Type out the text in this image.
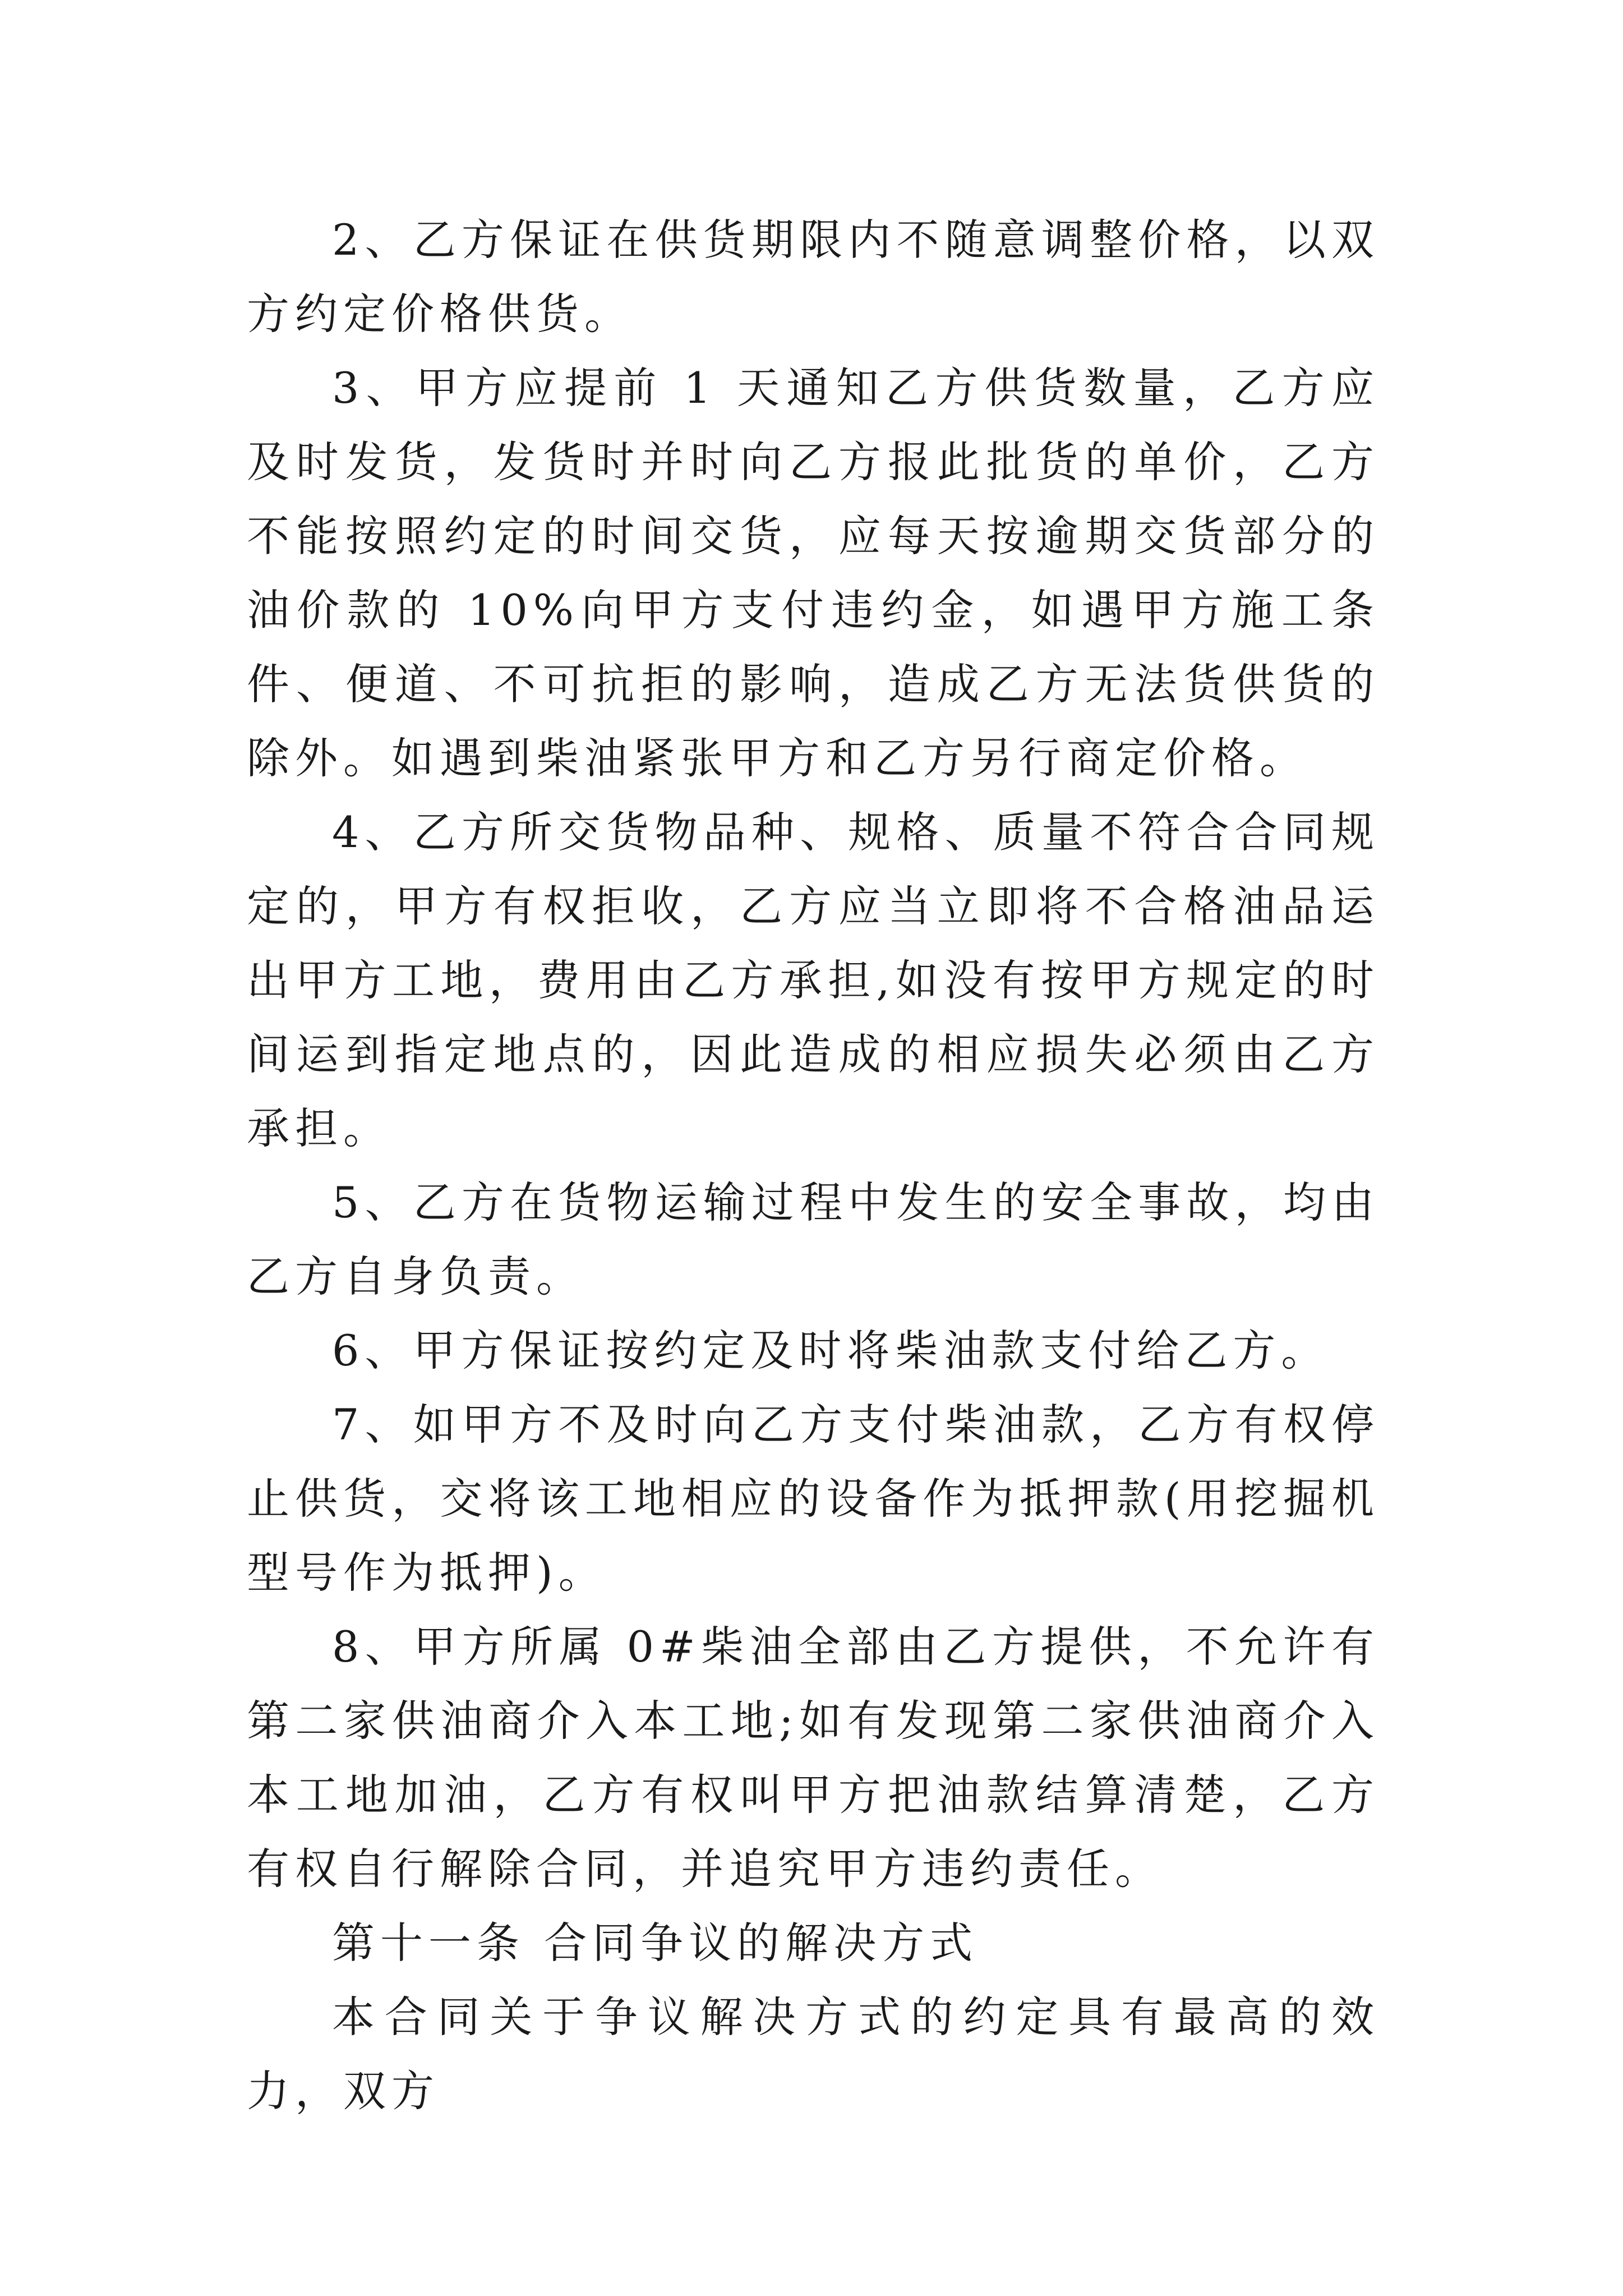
2、乙方保证在供货期限内不随意调整价格，以双方约定价格供货。

3、甲方应提前 1 天通知乙方供货数量，乙方应及时发货，发货时并时向乙方报此批货的单价，乙方不能按照约定的时间交货，应每天按逾期交货部分的油价款的 10%向甲方支付违约金，如遇甲方施工条件、便道、不可抗拒的影响，造成乙方无法货供货的除外。如遇到柴油紧张甲方和乙方另行商定价格。

4、乙方所交货物品种、规格、质量不符合合同规定的，甲方有权拒收，乙方应当立即将不合格油品运出甲方工地，费用由乙方承担,如没有按甲方规定的时间运到指定地点的，因此造成的相应损失必须由乙方承担。

5、乙方在货物运输过程中发生的安全事故，均由乙方自身负责。

6、甲方保证按约定及时将柴油款支付给乙方。

7、如甲方不及时向乙方支付柴油款，乙方有权停止供货，交将该工地相应的设备作为抵押款(用挖掘机 型号作为抵押)。

8、甲方所属 0#柴油全部由乙方提供，不允许有第二家供油商介入本工地;如有发现第二家供油商介入本工地加油，乙方有权叫甲方把油款结算清楚，乙方有权自行解除合同，并追究甲方违约责任。

第十一条 合同争议的解决方式

本合同关于争议解决方式的约定具有最高的效力，双方
